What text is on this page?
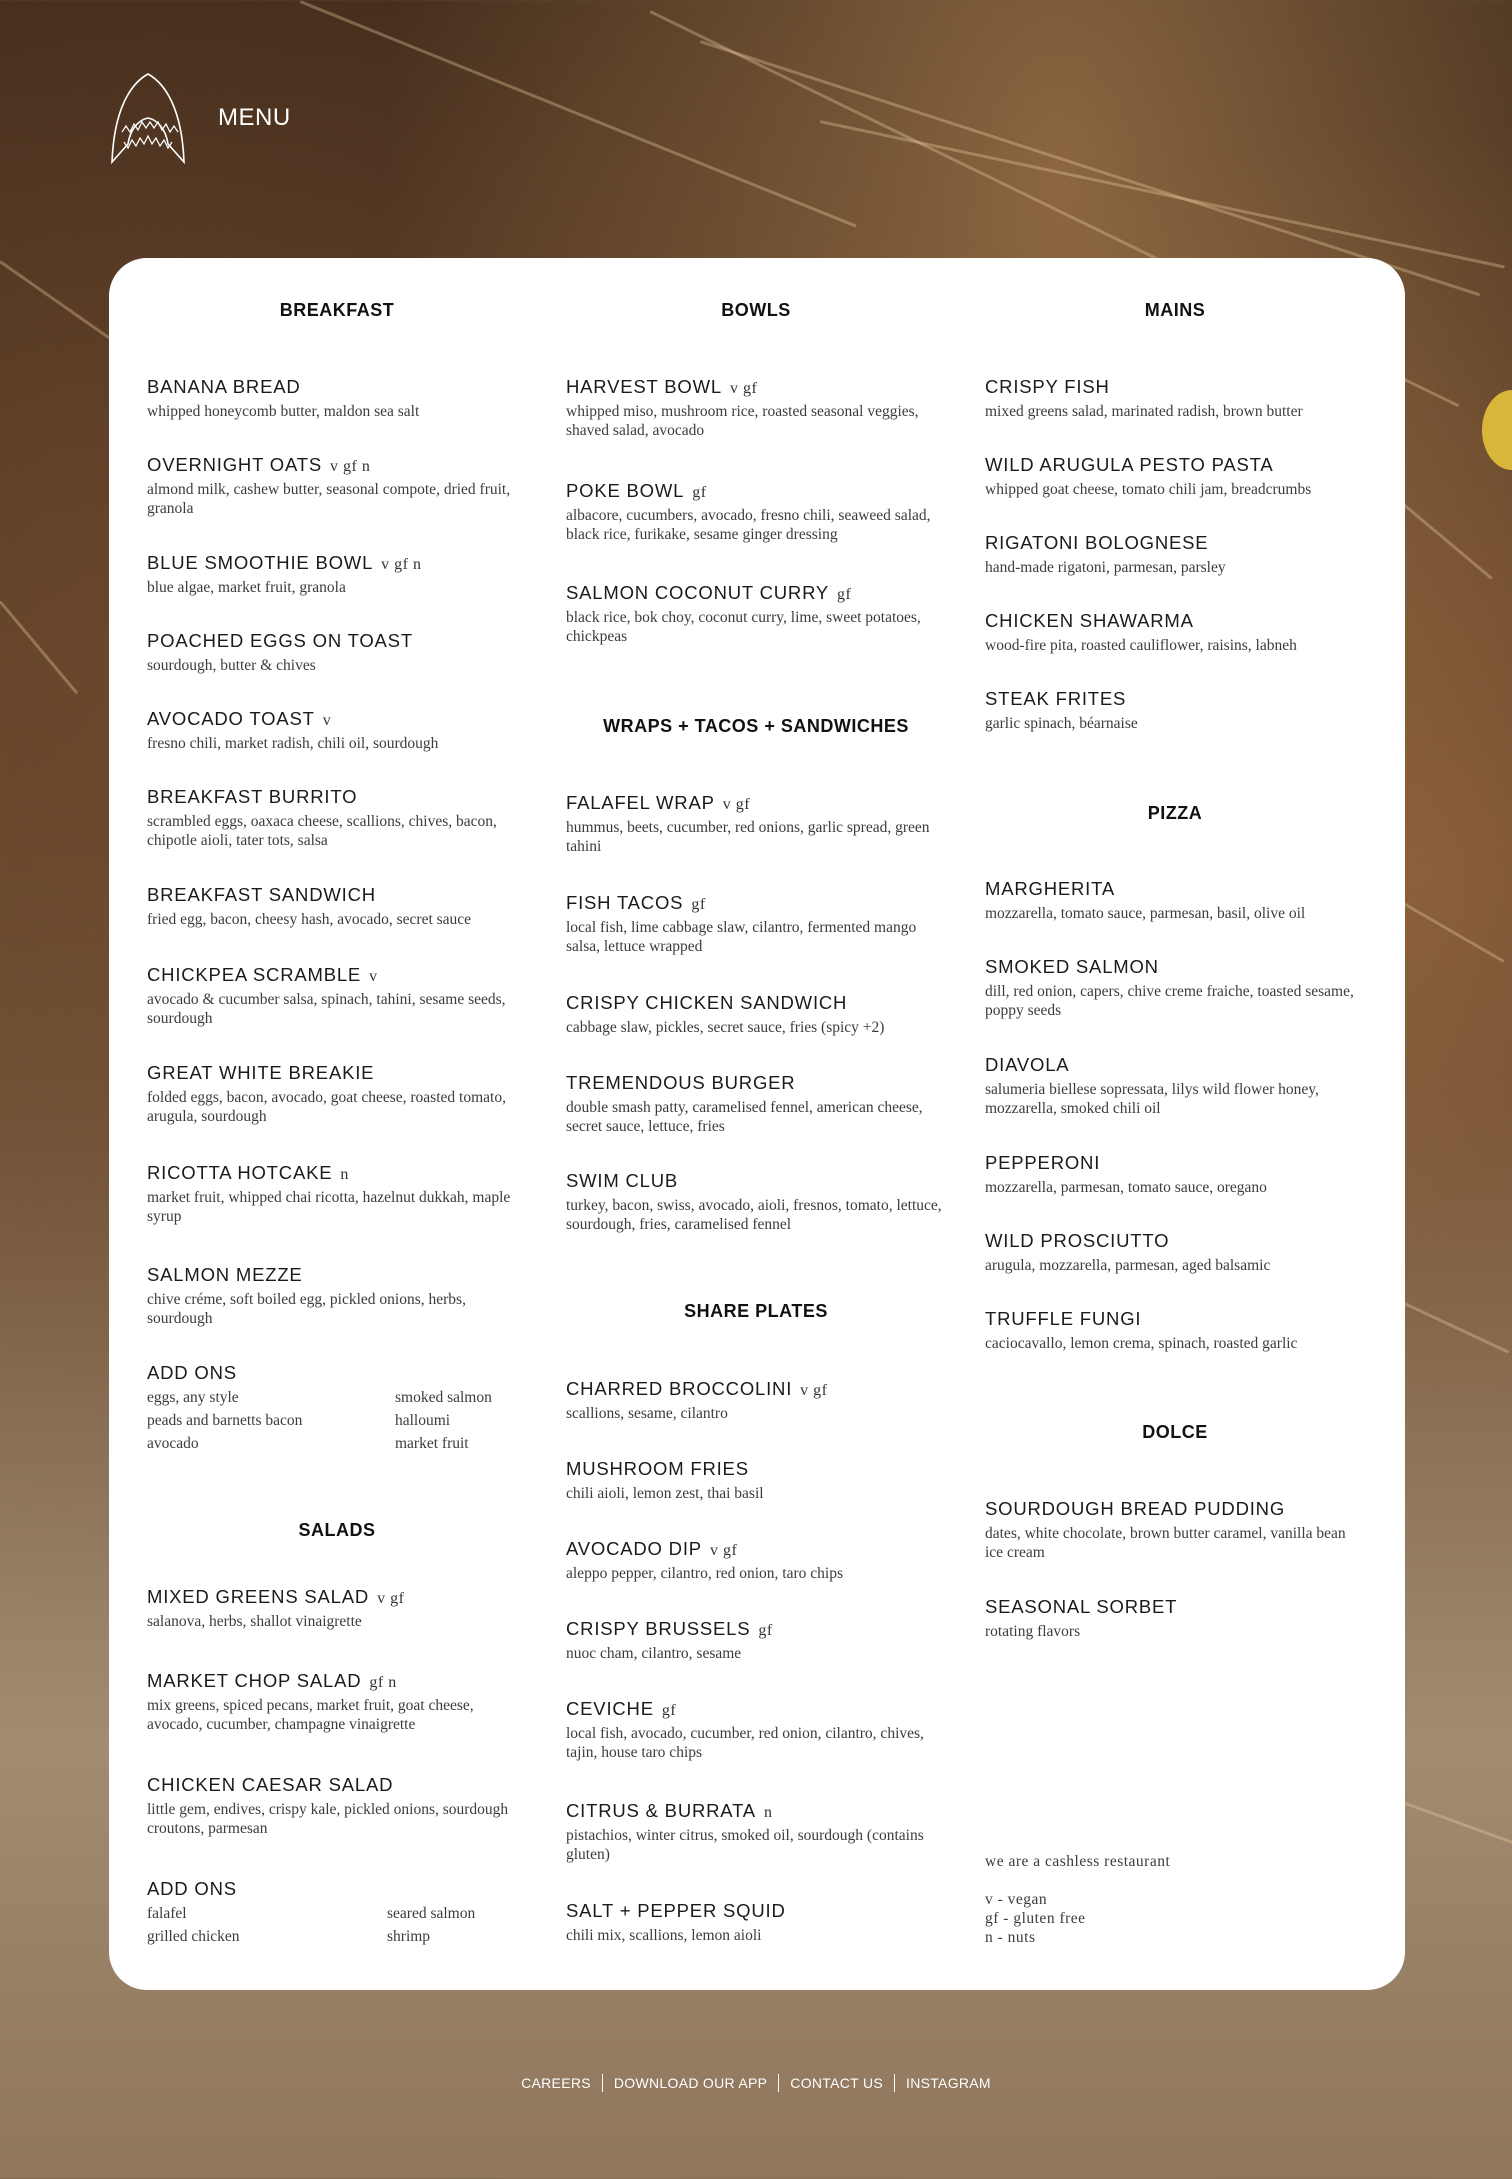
MENU
BREAKFAST
BANANA BREAD
whipped honeycomb butter, maldon sea salt
OVERNIGHT OATS v gf n
almond milk, cashew butter, seasonal compote, dried fruit, granola
BLUE SMOOTHIE BOWL v gf n
blue algae, market fruit, granola
POACHED EGGS ON TOAST
sourdough, butter & chives
AVOCADO TOAST v
fresno chili, market radish, chili oil, sourdough
BREAKFAST BURRITO
scrambled eggs, oaxaca cheese, scallions, chives, bacon, chipotle aioli, tater tots, salsa
BREAKFAST SANDWICH
fried egg, bacon, cheesy hash, avocado, secret sauce
CHICKPEA SCRAMBLE v
avocado & cucumber salsa, spinach, tahini, sesame seeds, sourdough
GREAT WHITE BREAKIE
folded eggs, bacon, avocado, goat cheese, roasted tomato, arugula, sourdough
RICOTTA HOTCAKE n
market fruit, whipped chai ricotta, hazelnut dukkah, maple syrup
SALMON MEZZE
chive créme, soft boiled egg, pickled onions, herbs, sourdough
ADD ONS
eggs, any style	smoked salmon
peads and barnetts bacon	halloumi
avocado	market fruit
SALADS
MIXED GREENS SALAD v gf
salanova, herbs, shallot vinaigrette
MARKET CHOP SALAD gf n
mix greens, spiced pecans, market fruit, goat cheese, avocado, cucumber, champagne vinaigrette
CHICKEN CAESAR SALAD
little gem, endives, crispy kale, pickled onions, sourdough croutons, parmesan
ADD ONS
falafel	seared salmon
grilled chicken	shrimp
BOWLS
HARVEST BOWL v gf
whipped miso, mushroom rice, roasted seasonal veggies, shaved salad, avocado
POKE BOWL gf
albacore, cucumbers, avocado, fresno chili, seaweed salad, black rice, furikake, sesame ginger dressing
SALMON COCONUT CURRY gf
black rice, bok choy, coconut curry, lime, sweet potatoes, chickpeas
WRAPS + TACOS + SANDWICHES
FALAFEL WRAP v gf
hummus, beets, cucumber, red onions, garlic spread, green tahini
FISH TACOS gf
local fish, lime cabbage slaw, cilantro, fermented mango salsa, lettuce wrapped
CRISPY CHICKEN SANDWICH
cabbage slaw, pickles, secret sauce, fries (spicy +2)
TREMENDOUS BURGER
double smash patty, caramelised fennel, american cheese, secret sauce, lettuce, fries
SWIM CLUB
turkey, bacon, swiss, avocado, aioli, fresnos, tomato, lettuce, sourdough, fries, caramelised fennel
SHARE PLATES
CHARRED BROCCOLINI v gf
scallions, sesame, cilantro
MUSHROOM FRIES
chili aioli, lemon zest, thai basil
AVOCADO DIP v gf
aleppo pepper, cilantro, red onion, taro chips
CRISPY BRUSSELS gf
nuoc cham, cilantro, sesame
CEVICHE gf
local fish, avocado, cucumber, red onion, cilantro, chives, tajin, house taro chips
CITRUS & BURRATA n
pistachios, winter citrus, smoked oil, sourdough (contains gluten)
SALT + PEPPER SQUID
chili mix, scallions, lemon aioli
MAINS
CRISPY FISH
mixed greens salad, marinated radish, brown butter
WILD ARUGULA PESTO PASTA
whipped goat cheese, tomato chili jam, breadcrumbs
RIGATONI BOLOGNESE
hand-made rigatoni, parmesan, parsley
CHICKEN SHAWARMA
wood-fire pita, roasted cauliflower, raisins, labneh
STEAK FRITES
garlic spinach, béarnaise
PIZZA
MARGHERITA
mozzarella, tomato sauce, parmesan, basil, olive oil
SMOKED SALMON
dill, red onion, capers, chive creme fraiche, toasted sesame, poppy seeds
DIAVOLA
salumeria biellese sopressata, lilys wild flower honey, mozzarella, smoked chili oil
PEPPERONI
mozzarella, parmesan, tomato sauce, oregano
WILD PROSCIUTTO
arugula, mozzarella, parmesan, aged balsamic
TRUFFLE FUNGI
caciocavallo, lemon crema, spinach, roasted garlic
DOLCE
SOURDOUGH BREAD PUDDING
dates, white chocolate, brown butter caramel, vanilla bean ice cream
SEASONAL SORBET
rotating flavors
we are a cashless restaurant
v - vegan
gf - gluten free
n - nuts
CAREERS DOWNLOAD OUR APP CONTACT US INSTAGRAM
